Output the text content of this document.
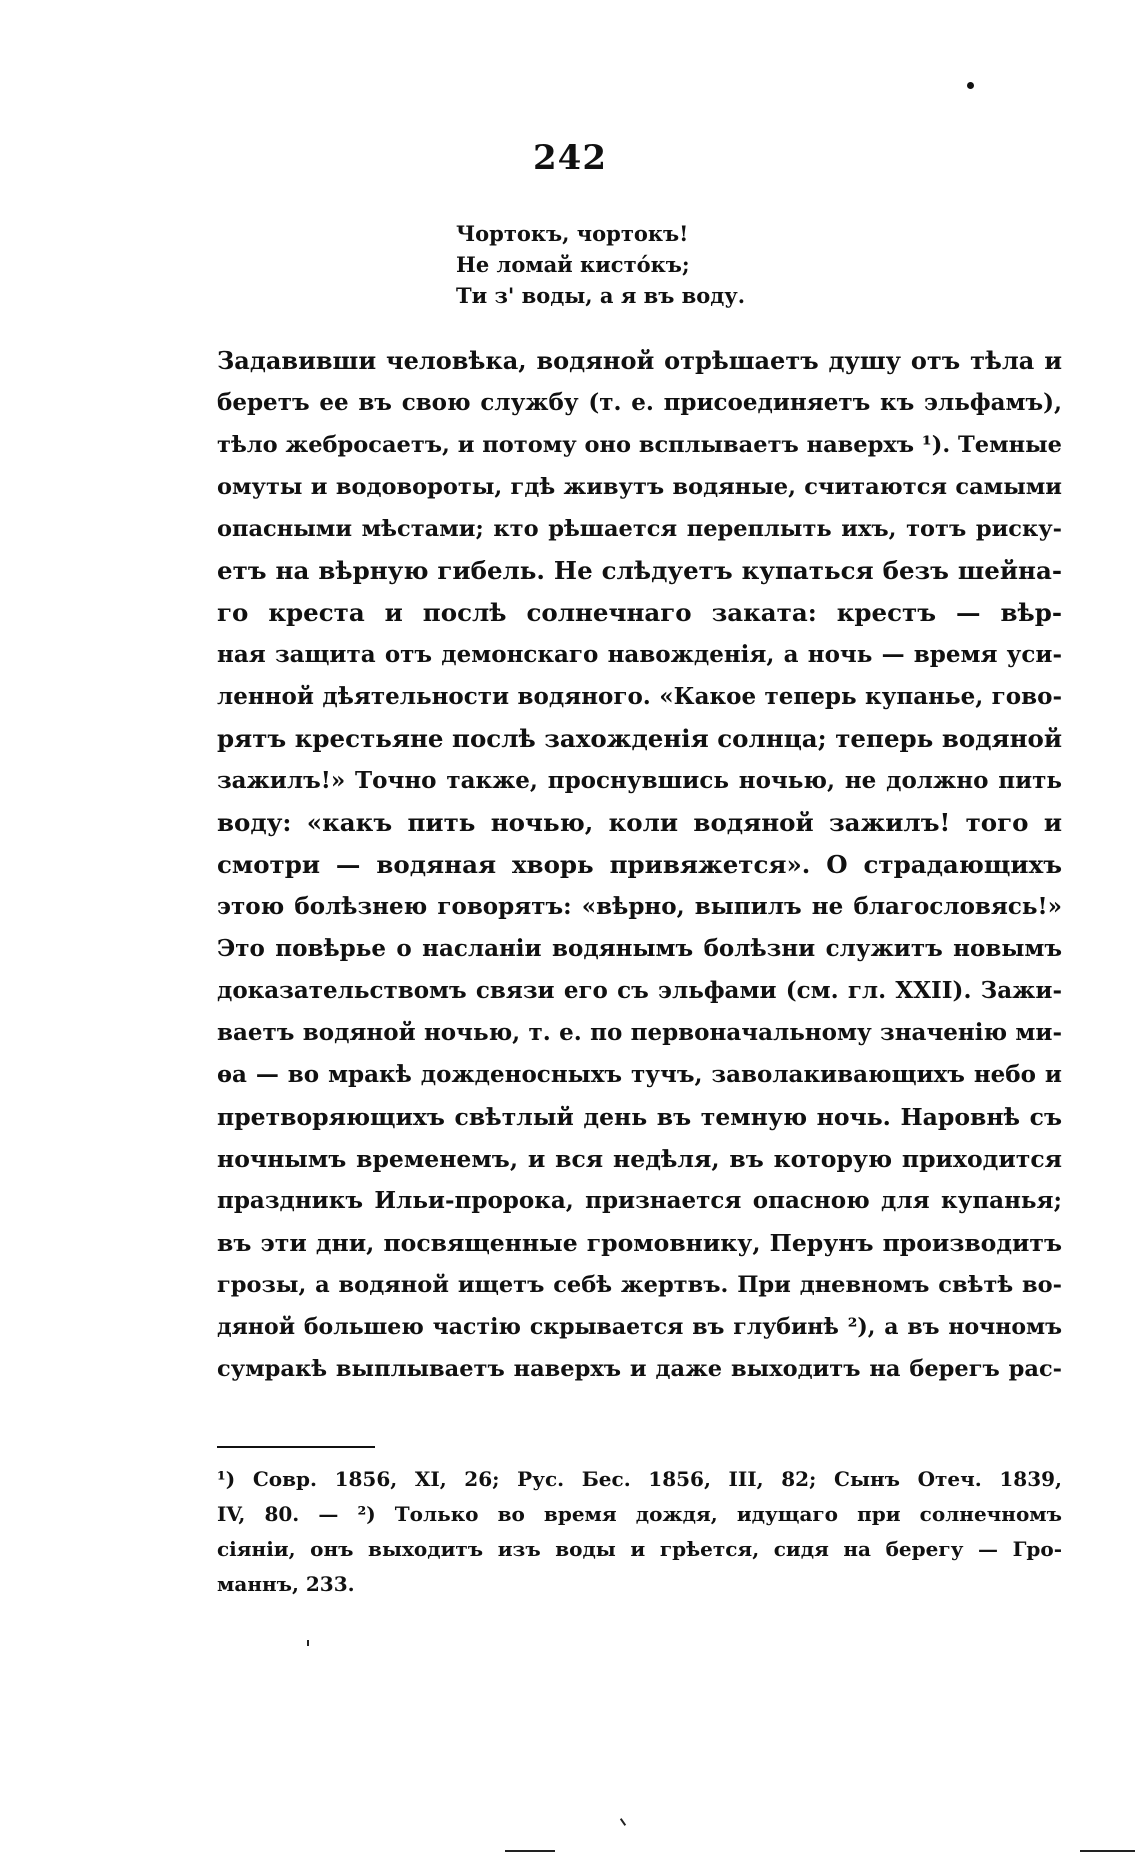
242
Чортокъ, чортокъ!
Не ломай кистóкъ;
Ти з' воды, а я въ воду.
Задавивши человѣка, водяной отрѣшаетъ душу отъ тѣла и
беретъ ее въ свою службу (т. е. присоединяетъ къ эльфамъ),
тѣло жебросаетъ, и потому оно всплываетъ наверхъ ¹). Темные
омуты и водовороты, гдѣ живутъ водяные, считаются самыми
опасными мѣстами; кто рѣшается переплыть ихъ, тотъ риску-
етъ на вѣрную гибель. Не слѣдуетъ купаться безъ шейна-
го креста и послѣ солнечнаго заката: крестъ — вѣр-
ная защита отъ демонскаго навожденія, а ночь — время уси-
ленной дѣятельности водяного. «Какое теперь купанье, гово-
рятъ крестьяне послѣ захожденія солнца; теперь водяной
зажилъ!» Точно также, проснувшись ночью, не должно пить
воду: «какъ пить ночью, коли водяной зажилъ! того и
смотри — водяная хворь привяжется». О страдающихъ
этою болѣзнею говорятъ: «вѣрно, выпилъ не благословясь!»
Это повѣрье о насланіи водянымъ болѣзни служитъ новымъ
доказательствомъ связи его съ эльфами (см. гл. XXII). Зажи-
ваетъ водяной ночью, т. е. по первоначальному значенію ми-
ѳа — во мракѣ дожденосныхъ тучъ, заволакивающихъ небо и
претворяющихъ свѣтлый день въ темную ночь. Наровнѣ съ
ночнымъ временемъ, и вся недѣля, въ которую приходится
праздникъ Ильи-пророка, признается опасною для купанья;
въ эти дни, посвященные громовнику, Перунъ производитъ
грозы, а водяной ищетъ себѣ жертвъ. При дневномъ свѣтѣ во-
дяной большею частію скрывается въ глубинѣ ²), а въ ночномъ
сумракѣ выплываетъ наверхъ и даже выходитъ на берегъ рас-
¹) Совр. 1856, XI, 26; Рус. Бес. 1856, III, 82; Сынъ Отеч. 1839,
IV, 80. — ²) Только во время дождя, идущаго при солнечномъ
сіяніи, онъ выходитъ изъ воды и грѣется, сидя на берегу — Гро-
маннъ, 233.
